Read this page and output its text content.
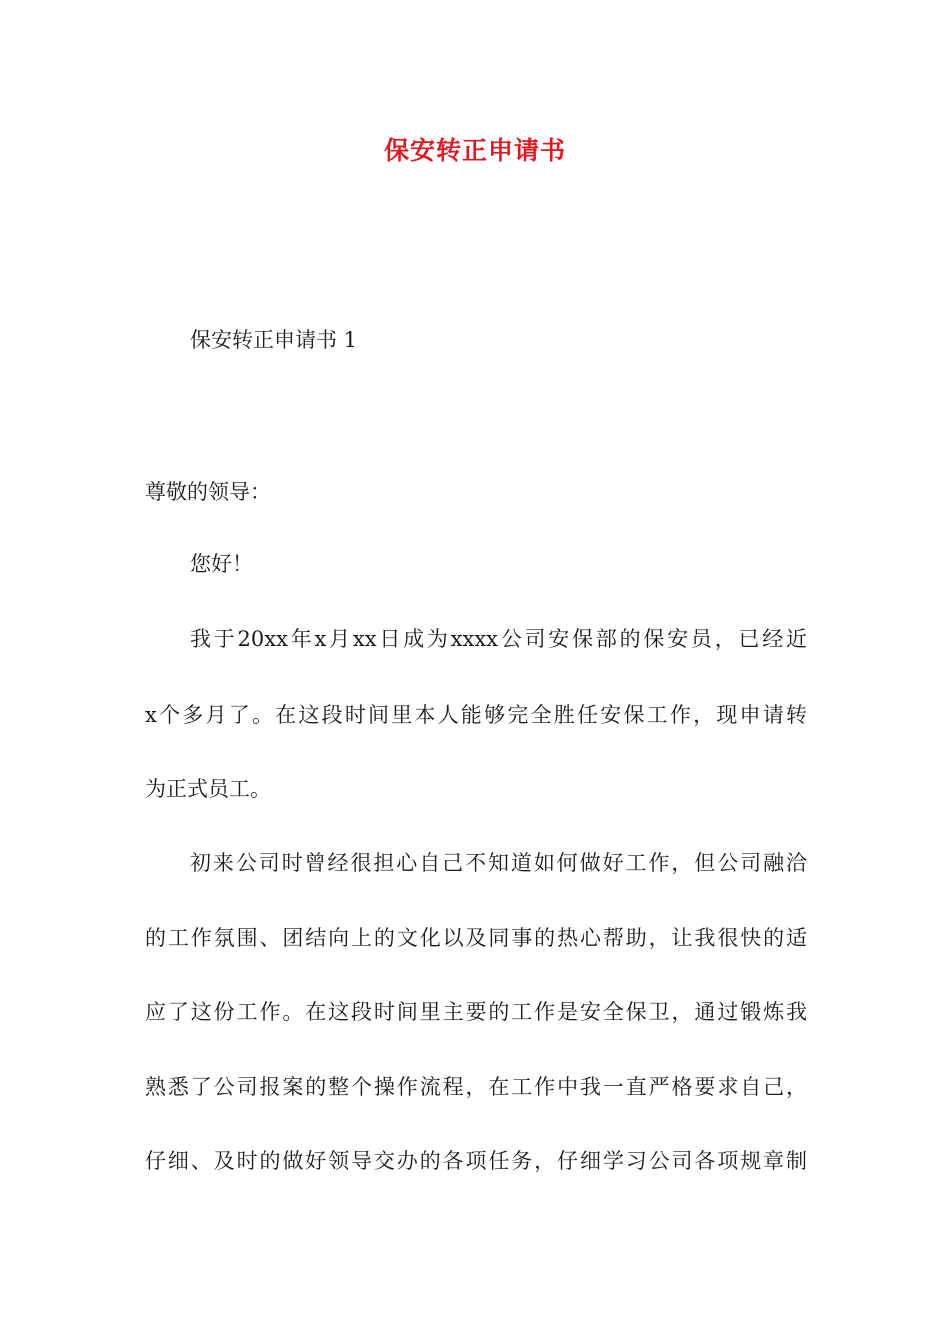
保安转正申请书
保安转正申请书 1
尊敬的领导：
您好！
我于20xx年x月xx日成为xxxx公司安保部的保安员，已经近
x个多月了。在这段时间里本人能够完全胜任安保工作，现申请转
为正式员工。
初来公司时曾经很担心自己不知道如何做好工作，但公司融洽
的工作氛围、团结向上的文化以及同事的热心帮助，让我很快的适
应了这份工作。在这段时间里主要的工作是安全保卫，通过锻炼我
熟悉了公司报案的整个操作流程，在工作中我一直严格要求自己，
仔细、及时的做好领导交办的各项任务，仔细学习公司各项规章制
